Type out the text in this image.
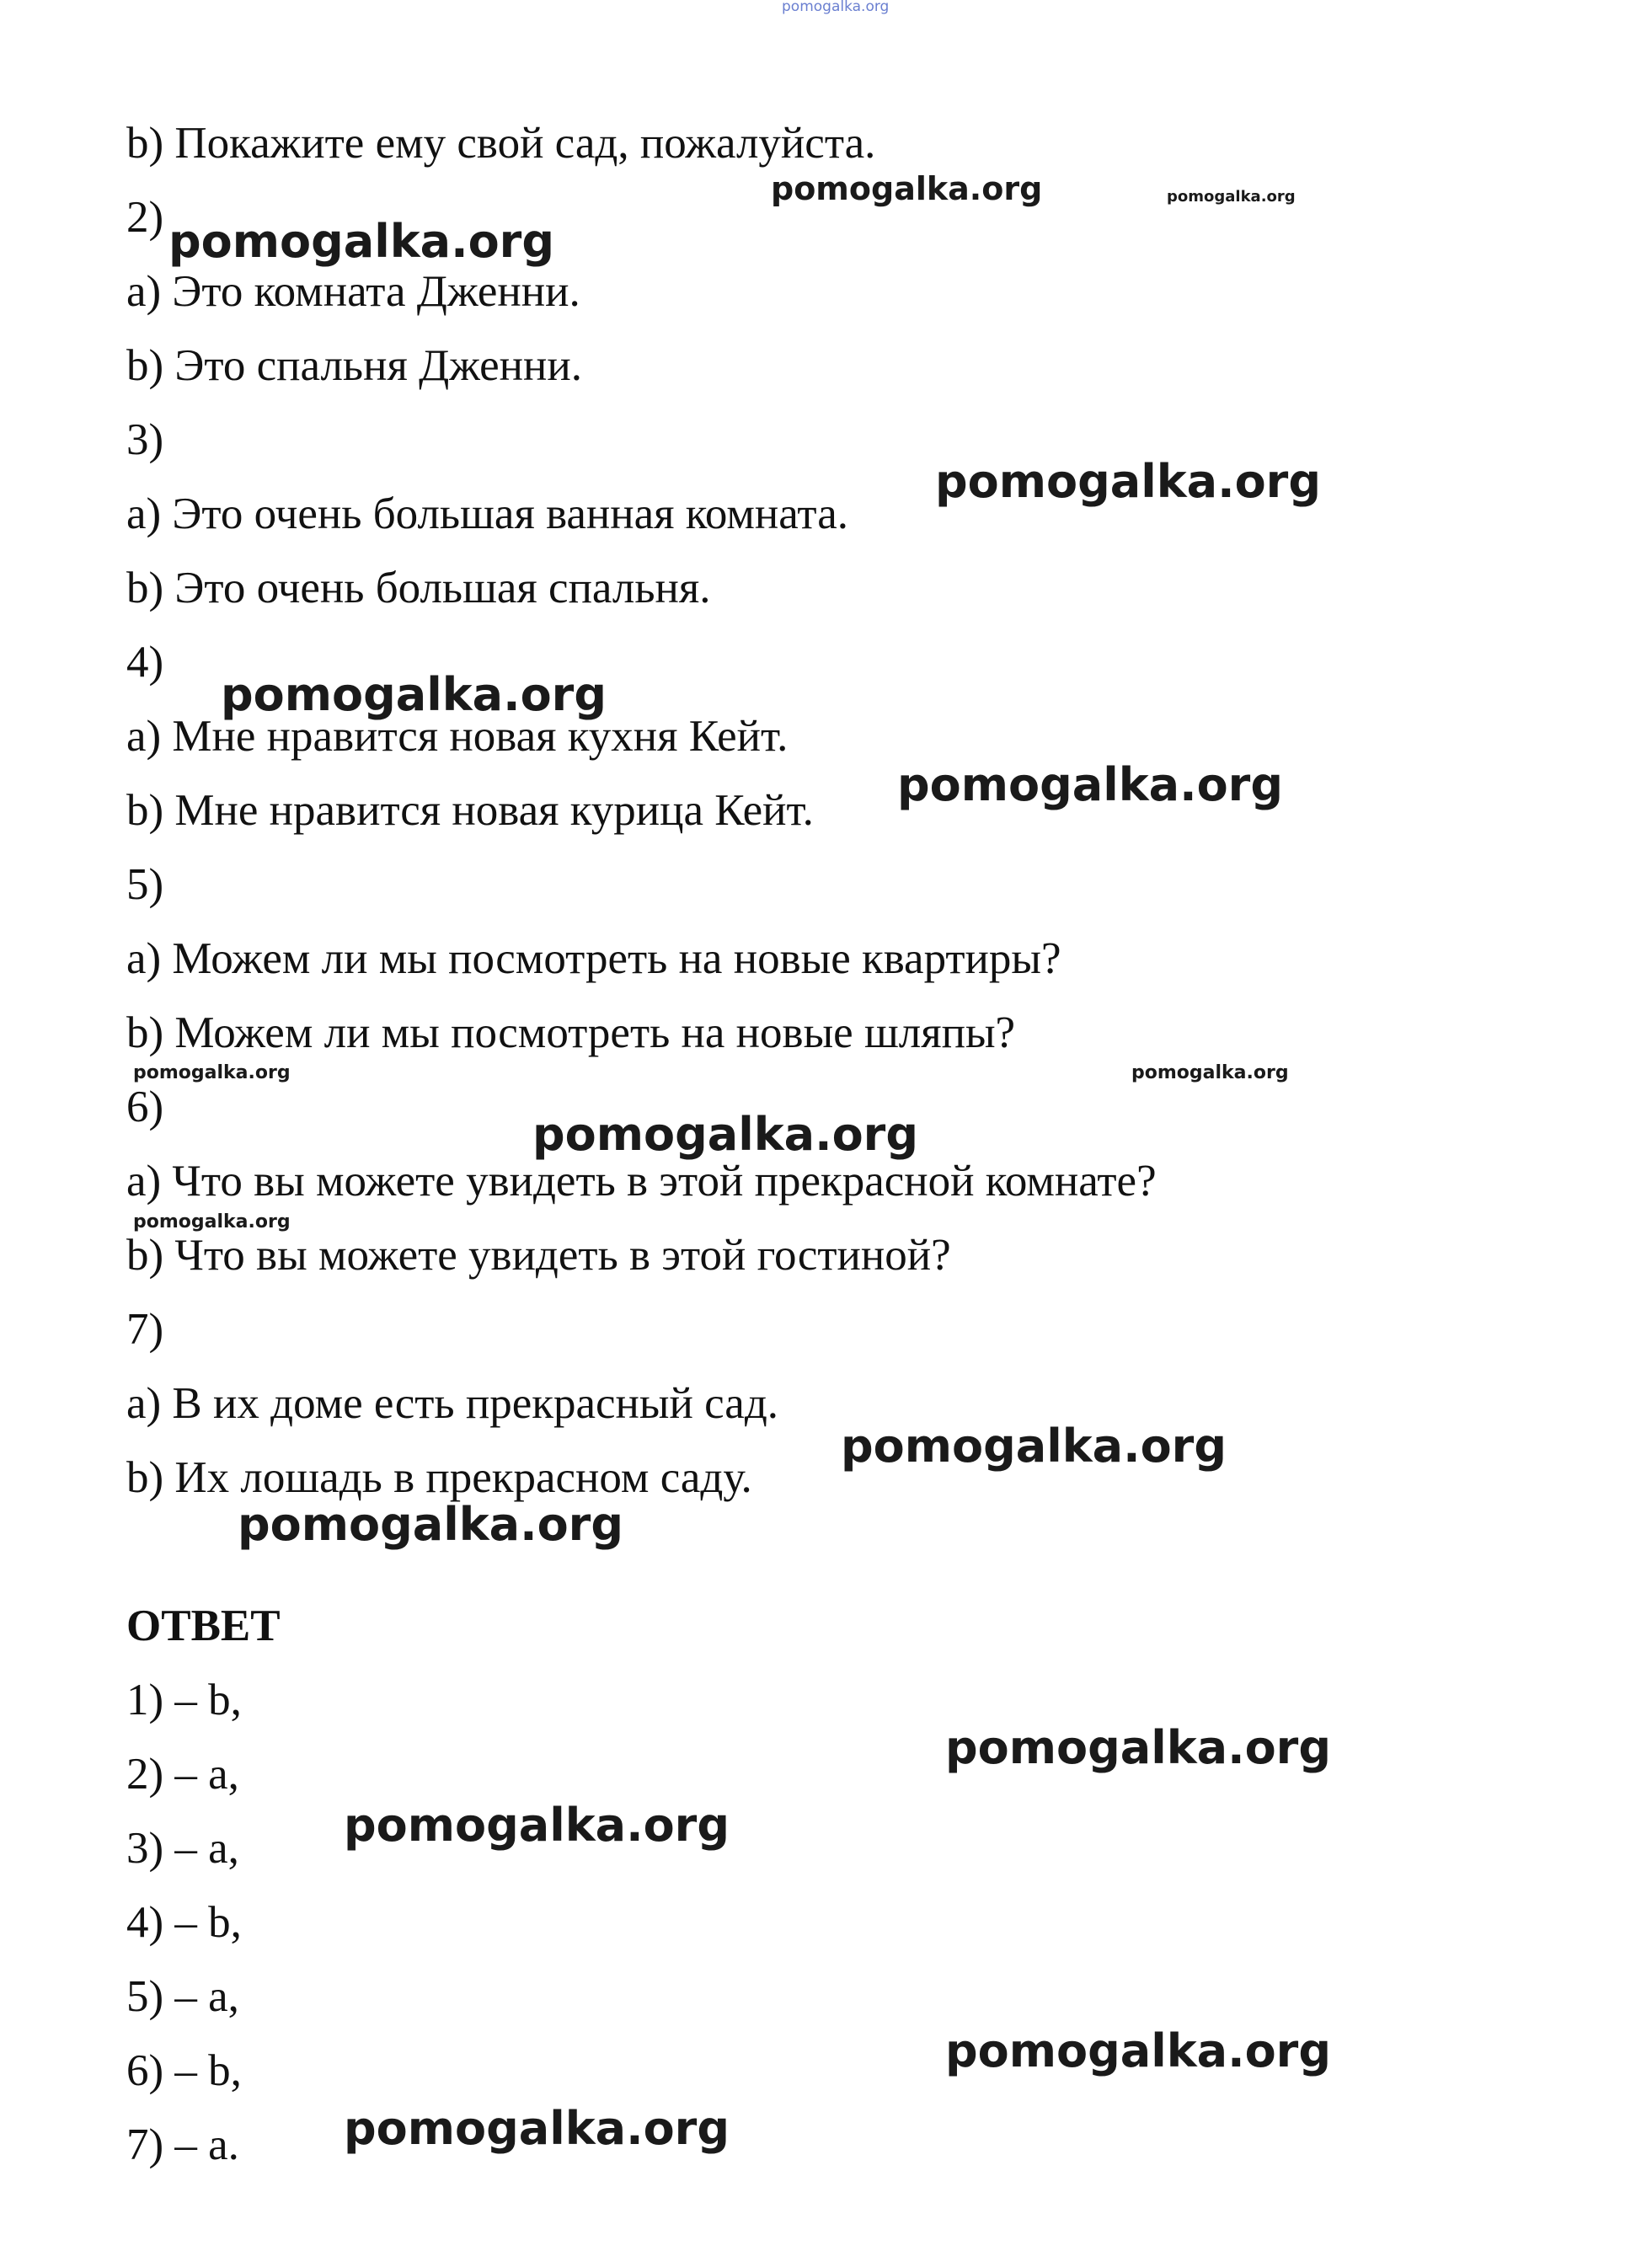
pomogalka.org
b) Покажите ему свой сад, пожалуйста.
2)
a) Это комната Дженни.
b) Это спальня Дженни.
3)
a) Это очень большая ванная комната.
b) Это очень большая спальня.
4)
a) Мне нравится новая кухня Кейт.
b) Мне нравится новая курица Кейт.
5)
a) Можем ли мы посмотреть на новые квартиры?
b) Можем ли мы посмотреть на новые шляпы?
6)
a) Что вы можете увидеть в этой прекрасной комнате?
b) Что вы можете увидеть в этой гостиной?
7)
a) В их доме есть прекрасный сад.
b) Их лошадь в прекрасном саду.
ОТВЕТ
1) – b,
2) – a,
3) – a,
4) – b,
5) – a,
6) – b,
7) – a.
pomogalka.org	pomogalka.org
pomogalka.org
pomogalka.org
pomogalka.org
pomogalka.org
pomogalka.org	pomogalka.org
pomogalka.org
pomogalka.org
pomogalka.org
pomogalka.org
pomogalka.org
pomogalka.org
pomogalka.org
pomogalka.org
